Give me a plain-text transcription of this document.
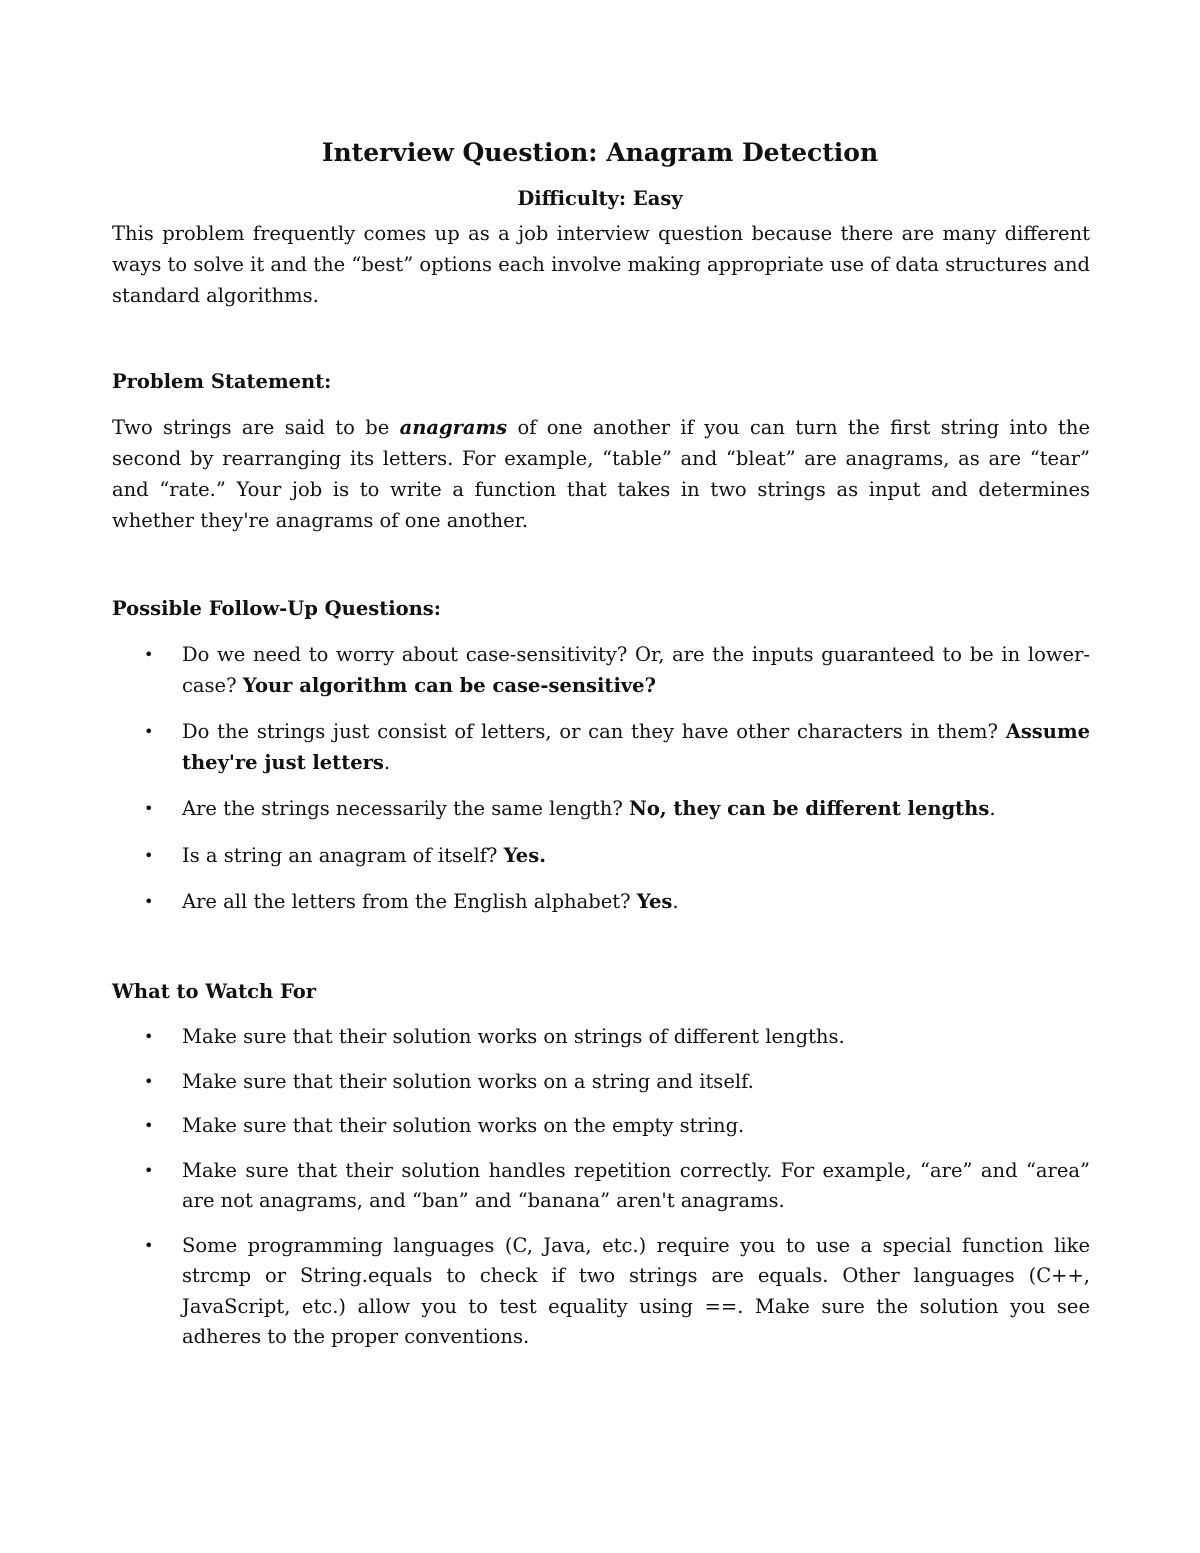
Interview Question: Anagram Detection

Difficulty: Easy

This problem frequently comes up as a job interview question because there are many different ways to solve it and the “best” options each involve making appropriate use of data structures and standard algorithms.

Problem Statement:

Two strings are said to be anagrams of one another if you can turn the first string into the second by rearranging its letters. For example, “table” and “bleat” are anagrams, as are “tear” and “rate.” Your job is to write a function that takes in two strings as input and determines whether they're anagrams of one another.

Possible Follow-Up Questions:
• Do we need to worry about case-sensitivity? Or, are the inputs guaranteed to be in lower-case? Your algorithm can be case-sensitive?
• Do the strings just consist of letters, or can they have other characters in them? Assume they're just letters.
• Are the strings necessarily the same length? No, they can be different lengths.
• Is a string an anagram of itself? Yes.
• Are all the letters from the English alphabet? Yes.
What to Watch For
• Make sure that their solution works on strings of different lengths.
• Make sure that their solution works on a string and itself.
• Make sure that their solution works on the empty string.
• Make sure that their solution handles repetition correctly. For example, “are” and “area” are not anagrams, and “ban” and “banana” aren't anagrams.
• Some programming languages (C, Java, etc.) require you to use a special function like strcmp or String.equals to check if two strings are equals. Other languages (C++, JavaScript, etc.) allow you to test equality using ==. Make sure the solution you see adheres to the proper conventions.
